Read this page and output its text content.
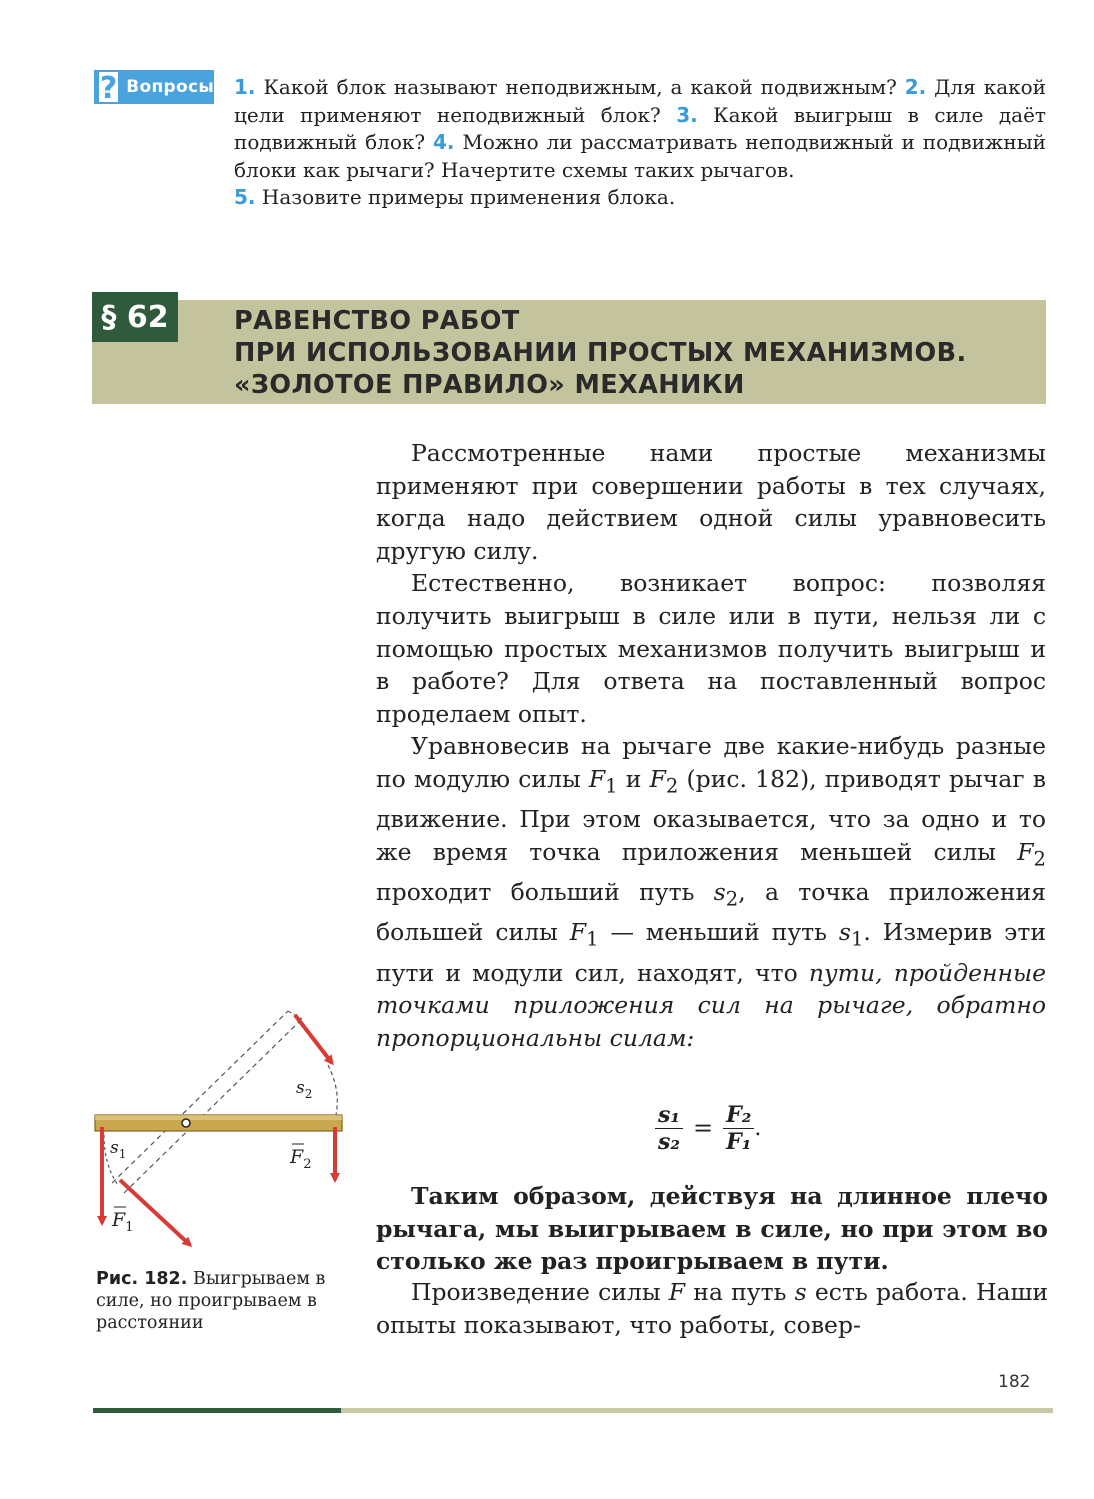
? Вопросы 1. Какой блок называют неподвижным, а какой подвижным? 2. Для какой цели применяют неподвижный блок? 3. Какой выигрыш в силе даёт подвижный блок? 4. Можно ли рассматривать неподвижный и подвижный блоки как рычаги? Начертите схемы таких рычагов.
5. Назовите примеры применения блока.
§ 62	РАВЕНСТВО РАБОТ
ПРИ ИСПОЛЬЗОВАНИИ ПРОСТЫХ МЕХАНИЗМОВ.
«ЗОЛОТОЕ ПРАВИЛО» МЕХАНИКИ

Рассмотренные нами простые механизмы применяют при совершении работы в тех случаях, когда надо действием одной силы уравновесить другую силу.

Естественно, возникает вопрос: позволяя получить выигрыш в силе или в пути, нельзя ли с помощью простых механизмов получить выигрыш и в работе? Для ответа на поставленный вопрос проделаем опыт.

Уравновесив на рычаге две какие-нибудь разные по модулю силы $F_1$ и $F_2$ (рис. 182), приводят рычаг в движение. При этом оказывается, что за одно и то же время точка приложения меньшей силы $F_2$ проходит больший путь $s_2$, а точка приложения большей силы $F_1$ — меньший путь $s_1$. Измерив эти пути и модули сил, находят, что пути, пройденные точками приложения сил на рычаге, обратно пропорциональны силам:

$\frac{\text{s₁}}{\text{s₂}} = \frac{\text{F₂}}{\text{F₁}}$ .

Таким образом, действуя на длинное плечо рычага, мы выигрываем в силе, но при этом во столько же раз проигрываем в пути.

Произведение силы F на путь s есть работа. Наши опыты показывают, что работы, совер-

$s_2$
$s_1$	$F_2$
$F_1$
Рис. 182. Выигрываем в силе, но проигрываем в расстоянии
182
